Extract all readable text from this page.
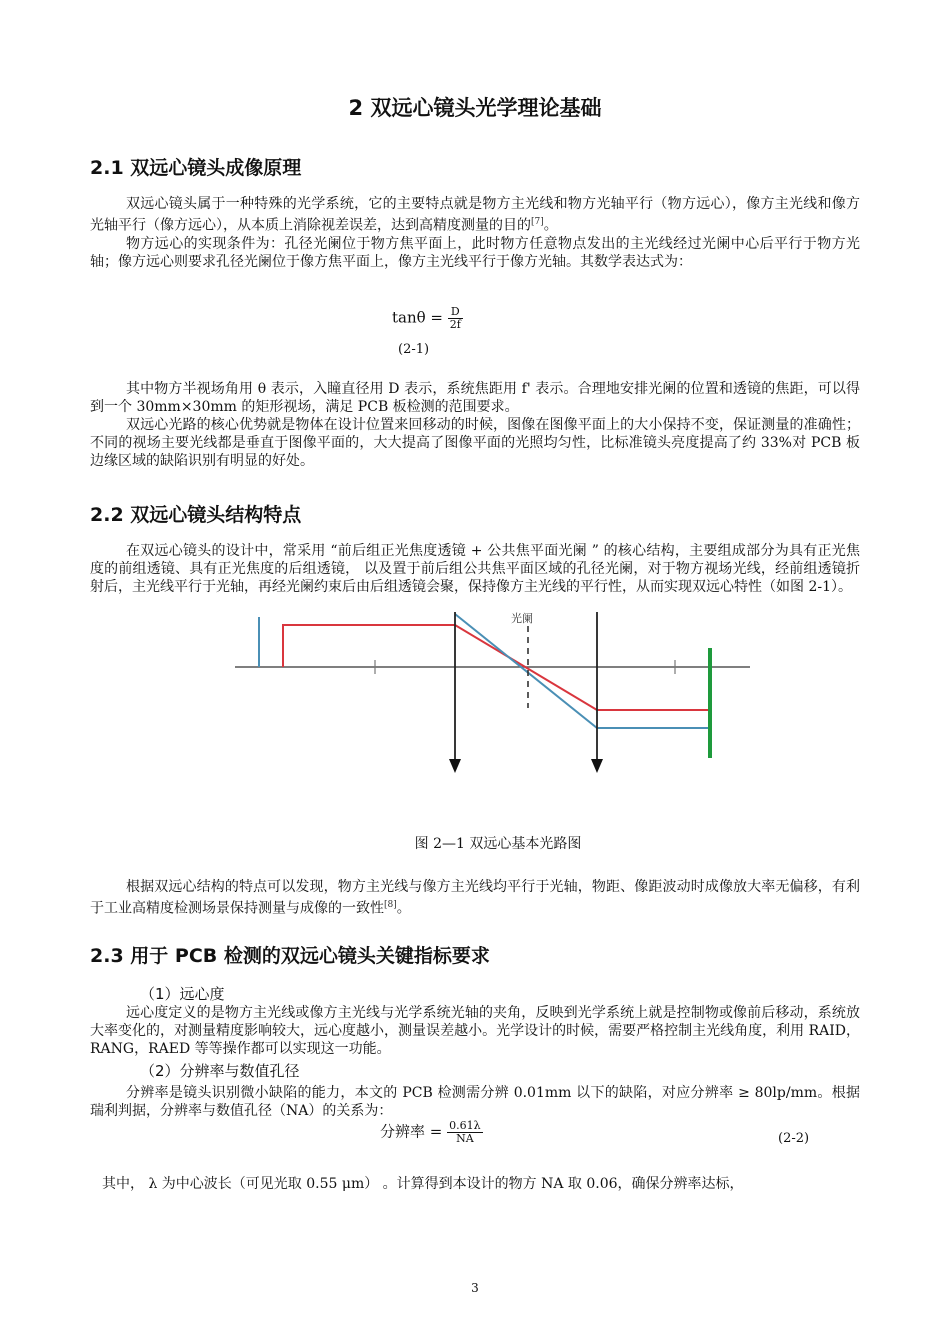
2 双远心镜头光学理论基础
2.1 双远心镜头成像原理

双远心镜头属于一种特殊的光学系统，它的主要特点就是物方主光线和物方光轴平行（物方远心），像方主光线和像方光轴平行（像方远心），从本质上消除视差误差，达到高精度测量的目的[7]。

物方远心的实现条件为：孔径光阑位于物方焦平面上，此时物方任意物点发出的主光线经过光阑中心后平行于物方光轴；像方远心则要求孔径光阑位于像方焦平面上，像方主光线平行于像方光轴。其数学表达式为：

$\tan\theta = \frac{D}{2f}$
(2-1)

其中物方半视场角用 θ 表示，入瞳直径用 D 表示，系统焦距用 f' 表示。合理地安排光阑的位置和透镜的焦距，可以得到一个 30mm×30mm 的矩形视场，满足 PCB 板检测的范围要求。

双远心光路的核心优势就是物体在设计位置来回移动的时候，图像在图像平面上的大小保持不变，保证测量的准确性；不同的视场主要光线都是垂直于图像平面的，大大提高了图像平面的光照均匀性，比标准镜头亮度提高了约 33%对 PCB 板边缘区域的缺陷识别有明显的好处。

2.2 双远心镜头结构特点

在双远心镜头的设计中，常采用 “前后组正光焦度透镜 + 公共焦平面光阑 ” 的核心结构，主要组成部分为具有正光焦度的前组透镜、具有正光焦度的后组透镜， 以及置于前后组公共焦平面区域的孔径光阑，对于物方视场光线，经前组透镜折射后，主光线平行于光轴，再经光阑约束后由后组透镜会聚，保持像方主光线的平行性，从而实现双远心特性（如图 2-1）。

光阑
图 2—1 双远心基本光路图

根据双远心结构的特点可以发现，物方主光线与像方主光线均平行于光轴，物距、像距波动时成像放大率无偏移，有利于工业高精度检测场景保持测量与成像的一致性[8]。

2.3 用于 PCB 检测的双远心镜头关键指标要求
（1）远心度

远心度定义的是物方主光线或像方主光线与光学系统光轴的夹角，反映到光学系统上就是控制物或像前后移动，系统放大率变化的，对测量精度影响较大，远心度越小，测量误差越小。光学设计的时候，需要严格控制主光线角度，利用 RAID，RANG，RAED 等等操作都可以实现这一功能。

（2）分辨率与数值孔径

分辨率是镜头识别微小缺陷的能力，本文的 PCB 检测需分辨 0.01mm 以下的缺陷，对应分辨率 ≥ 80lp/mm。根据瑞利判据，分辨率与数值孔径（NA）的关系为：

分辨率 = $\frac{0.61\lambda}{NA}$	(2-2)

其中， λ 为中心波长（可见光取 0.55 μm） 。计算得到本设计的物方 NA 取 0.06，确保分辨率达标，

3
